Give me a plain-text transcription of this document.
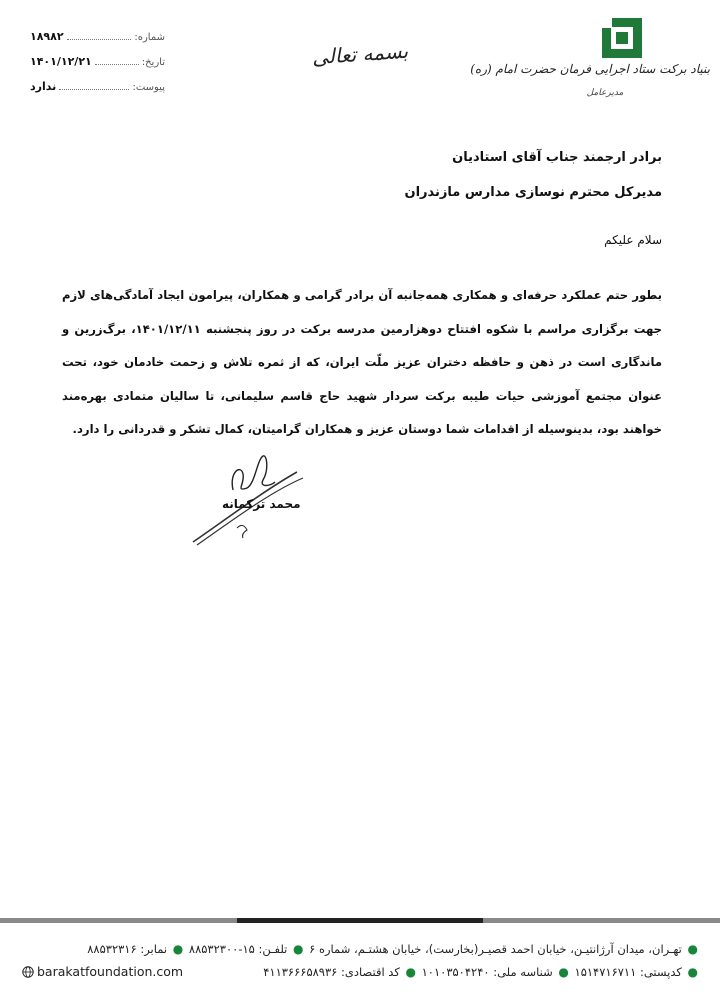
بنیاد برکت ستاد اجرایی فرمان حضرت امام (ره)
مدیرعامل
بسمه تعالی
شماره:
۱۸۹۸۲
تاریخ:
۱۴۰۱/۱۲/۲۱
پیوست:
ندارد
برادر ارجمند جناب آقای استادیان
مدیرکل محترم نوسازی مدارس مازندران
سلام علیکم
بطور حتم عملکرد حرفه‌ای و همکاری همه‌جانبه آن برادر گرامی و همکاران، پیرامون ایجاد آمادگی‌های لازم جهت برگزاری مراسم با شکوه افتتاح دوهزارمین مدرسه برکت در روز پنجشنبه ۱۴۰۱/۱۲/۱۱، برگ‌زرین و ماندگاری است در ذهن و حافظه دختران عزیز ملّت ایران، که از ثمره تلاش و زحمت خادمان خود، تحت عنوان مجتمع آموزشی حیات طیبه برکت سردار شهید حاج قاسم سلیمانی، تا سالیان متمادی بهره‌مند خواهند بود، بدینوسیله از اقدامات شما دوستان عزیز و همکاران گرامیتان، کمال تشکر و قدردانی را دارد.
محمد ترکمانه
● تهـران، میدان آرژانتیـن، خیابان احمد قصیـر(بخارست)، خیابان هشتـم، شماره ۶ ● تلفـن: ۱۵-۸۸۵۳۲۳۰۰ ● نمابر: ۸۸۵۳۲۳۱۶
● کدپستی: ۱۵۱۴۷۱۶۷۱۱ ● شناسه ملی: ۱۰۱۰۳۵۰۴۲۴۰ ● کد اقتصادی: ۴۱۱۳۶۶۶۵۸۹۳۶
barakatfoundation.com
